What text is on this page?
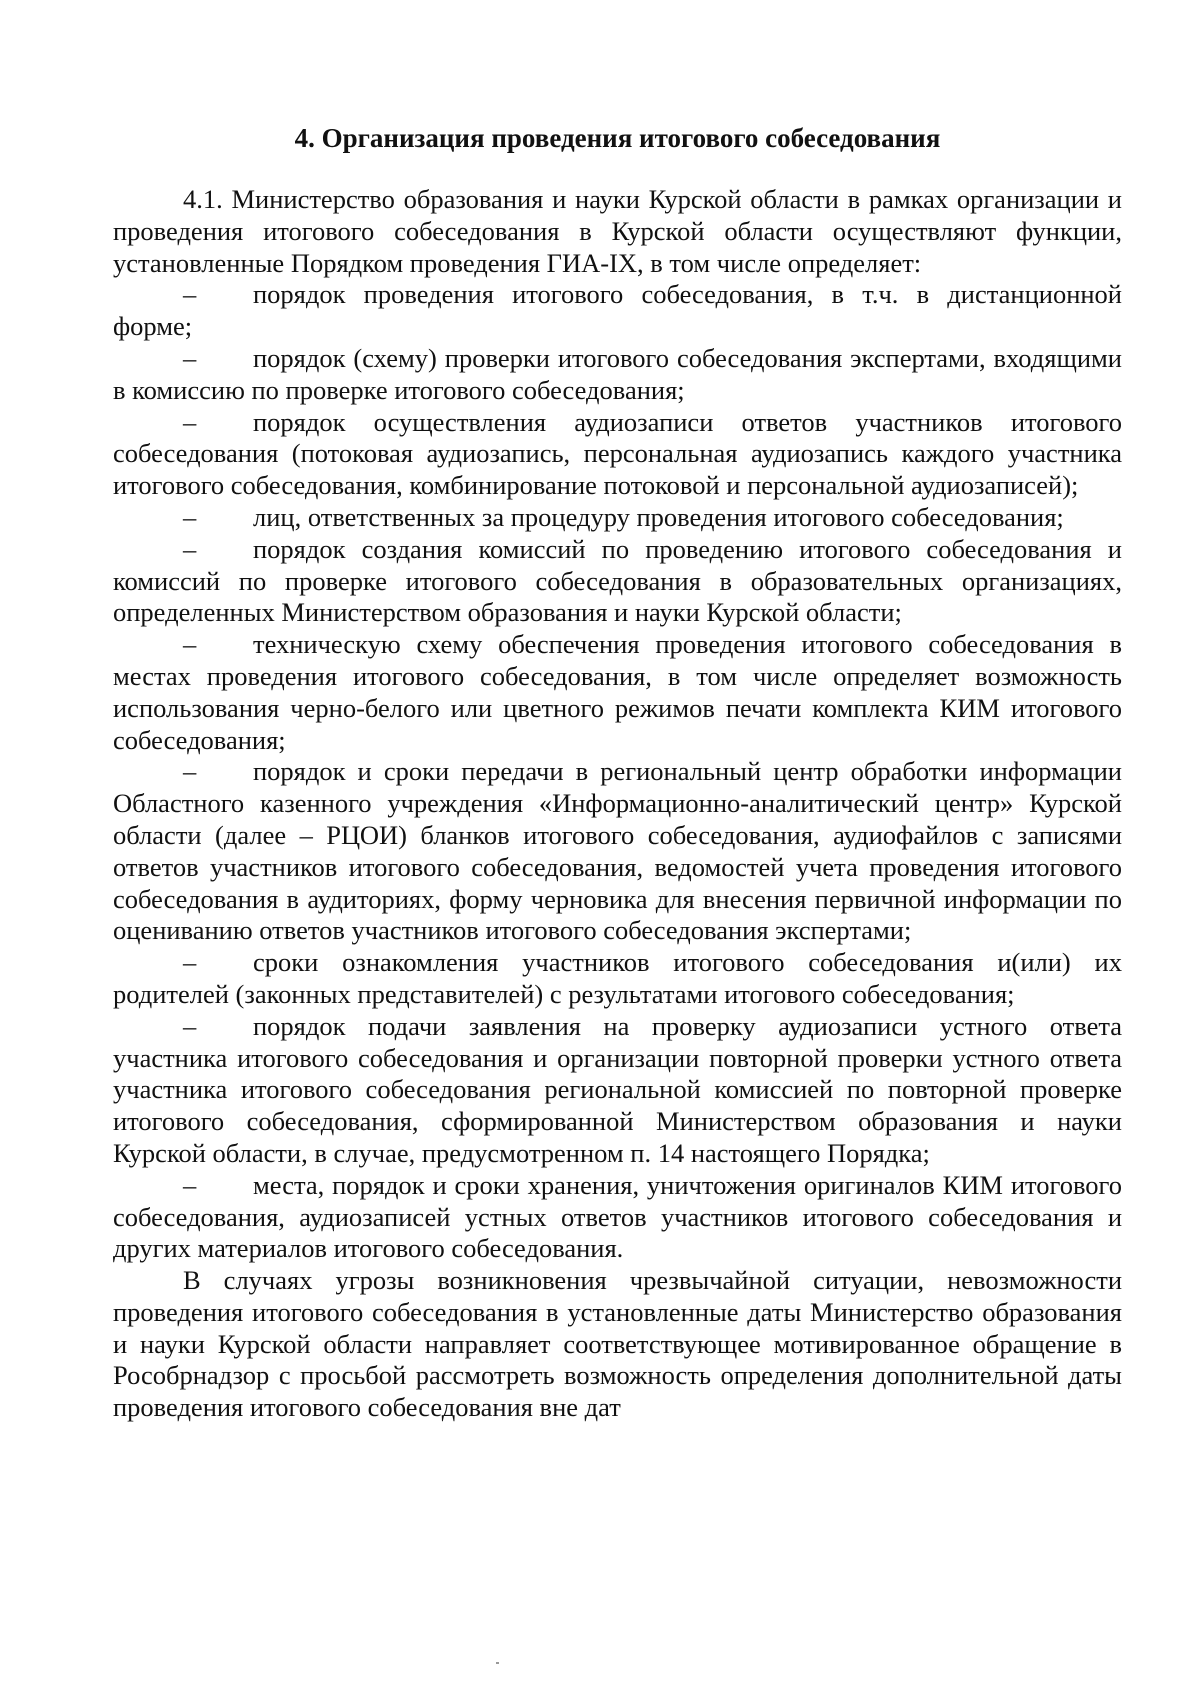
4. Организация проведения итогового собеседования

4.1. Министерство образования и науки Курской области в рамках организации и проведения итогового собеседования в Курской области осуществляют функции, установленные Порядком проведения ГИА-IX, в том числе определяет:

– порядок проведения итогового собеседования, в т.ч. в дистанционной форме;
– порядок (схему) проверки итогового собеседования экспертами, входящими в комиссию по проверке итогового собеседования;
– порядок осуществления аудиозаписи ответов участников итогового собеседования (потоковая аудиозапись, персональная аудиозапись каждого участника итогового собеседования, комбинирование потоковой и персональной аудиозаписей);
– лиц, ответственных за процедуру проведения итогового собеседования;
– порядок создания комиссий по проведению итогового собеседования и комиссий по проверке итогового собеседования в образовательных организациях, определенных Министерством образования и науки Курской области;
– техническую схему обеспечения проведения итогового собеседования в местах проведения итогового собеседования, в том числе определяет возможность использования черно-белого или цветного режимов печати комплекта КИМ итогового собеседования;
– порядок и сроки передачи в региональный центр обработки информации Областного казенного учреждения «Информационно-аналитический центр» Курской области (далее – РЦОИ) бланков итогового собеседования, аудиофайлов с записями ответов участников итогового собеседования, ведомостей учета проведения итогового собеседования в аудиториях, форму черновика для внесения первичной информации по оцениванию ответов участников итогового собеседования экспертами;
– сроки ознакомления участников итогового собеседования и(или) их родителей (законных представителей) с результатами итогового собеседования;
– порядок подачи заявления на проверку аудиозаписи устного ответа участника итогового собеседования и организации повторной проверки устного ответа участника итогового собеседования региональной комиссией по повторной проверке итогового собеседования, сформированной Министерством образования и науки Курской области, в случае, предусмотренном п. 14 настоящего Порядка;
– места, порядок и сроки хранения, уничтожения оригиналов КИМ итогового собеседования, аудиозаписей устных ответов участников итогового собеседования и других материалов итогового собеседования.

В случаях угрозы возникновения чрезвычайной ситуации, невозможности проведения итогового собеседования в установленные даты Министерство образования и науки Курской области направляет соответствующее мотивированное обращение в Рособрнадзор с просьбой рассмотреть возможность определения дополнительной даты проведения итогового собеседования вне дат
